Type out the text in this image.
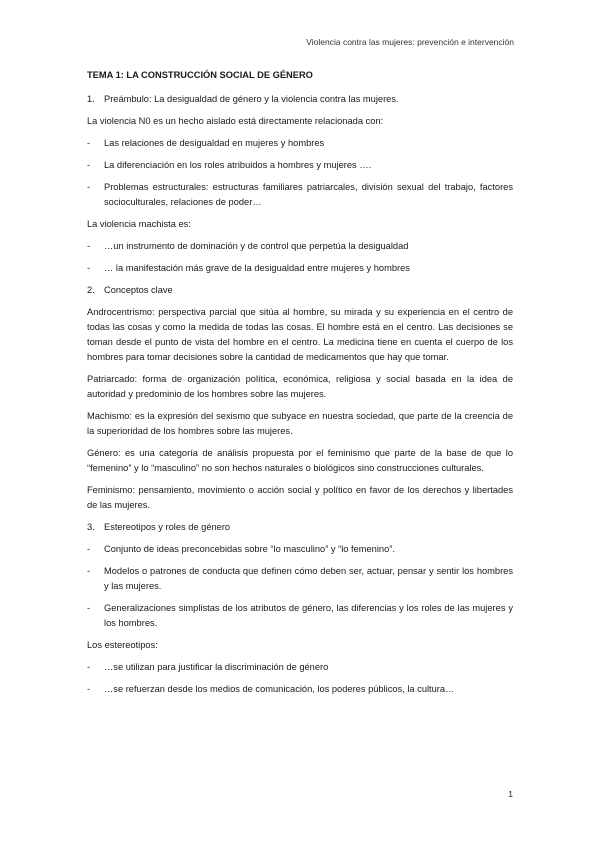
Violencia contra las mujeres: prevención e intervención
TEMA 1: LA CONSTRUCCIÓN SOCIAL DE GÉNERO
1. Preámbulo: La desigualdad de género y la violencia contra las mujeres.
La violencia N0 es un hecho aislado está directamente relacionada con:
-	Las relaciones de desigualdad en mujeres y hombres
-	La diferenciación en los roles atribuidos a hombres y mujeres ….
-	Problemas estructurales: estructuras familiares patriarcales, división sexual del trabajo, factores socioculturales, relaciones de poder…
La violencia machista es:
-	…un instrumento de dominación y de control que perpetúa la desigualdad
-	… la manifestación más grave de la desigualdad entre mujeres y hombres
2. Conceptos clave
Androcentrismo: perspectiva parcial que sitúa al hombre, su mirada y su experiencia en el centro de todas las cosas y como la medida de todas las cosas. El hombre está en el centro. Las decisiones se toman desde el punto de vista del hombre en el centro. La medicina tiene en cuenta el cuerpo de los hombres para tomar decisiones sobre la cantidad de medicamentos que hay que tomar.
Patriarcado: forma de organización política, económica, religiosa y social basada en la idea de autoridad y predominio de los hombres sobre las mujeres.
Machismo: es la expresión del sexismo que subyace en nuestra sociedad, que parte de la creencia de la superioridad de los hombres sobre las mujeres.
Género: es una categoría de análisis propuesta por el feminismo que parte de la base de que lo “femenino” y lo “masculino” no son hechos naturales o biológicos sino construcciones culturales.
Feminismo: pensamiento, movimiento o acción social y político en favor de los derechos y libertades de las mujeres.
3. Estereotipos y roles de género
-	Conjunto de ideas preconcebidas sobre “lo masculino” y “lo femenino”.
-	Modelos o patrones de conducta que definen cómo deben ser, actuar, pensar y sentir los hombres y las mujeres.
-	Generalizaciones simplistas de los atributos de género, las diferencias y los roles de las mujeres y los hombres.
Los estereotipos:
-	…se utilizan para justificar la discriminación de género
-	…se refuerzan desde los medios de comunicación, los poderes públicos, la cultura…
1
